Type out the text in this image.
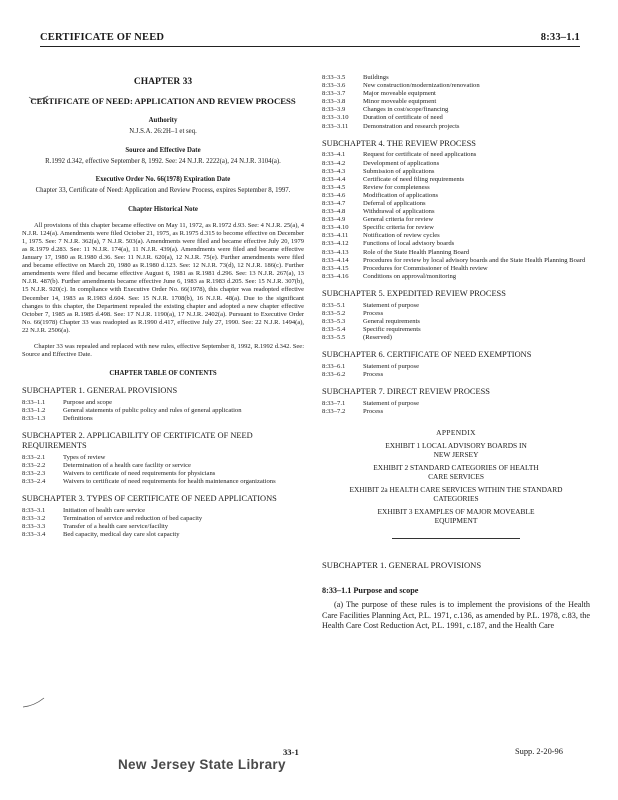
CERTIFICATE OF NEED	8:33–1.1
CHAPTER 33
CERTIFICATE OF NEED: APPLICATION AND REVIEW PROCESS
Authority
N.J.S.A. 26:2H–1 et seq.
Source and Effective Date
R.1992 d.342, effective September 8, 1992. See: 24 N.J.R. 2222(a), 24 N.J.R. 3104(a).
Executive Order No. 66(1978) Expiration Date
Chapter 33, Certificate of Need: Application and Review Process, expires September 8, 1997.
Chapter Historical Note

All provisions of this chapter became effective on May 11, 1972, as R.1972 d.93. See: 4 N.J.R. 25(a), 4 N.J.R. 124(a). Amendments were filed October 21, 1975, as R.1975 d.315 to become effective on December 1, 1975. See: 7 N.J.R. 362(a), 7 N.J.R. 503(a). Amendments were filed and became effective July 20, 1979 as R.1979 d.283. See: 11 N.J.R. 174(a), 11 N.J.R. 439(a). Amendments were filed and became effective January 17, 1980 as R.1980 d.36. See: 11 N.J.R. 620(a), 12 N.J.R. 75(e). Further amendments were filed and became effective on March 20, 1980 as R.1980 d.123. See: 12 N.J.R. 73(d), 12 N.J.R. 186(c). Further amendments were filed and became effective August 6, 1981 as R.1981 d.296. See: 13 N.J.R. 267(a), 13 N.J.R. 487(b). Further amendments became effective June 6, 1983 as R.1983 d.205. See: 15 N.J.R. 307(b), 15 N.J.R. 920(c). In compliance with Executive Order No. 66(1978), this chapter was readopted effective December 14, 1983 as R.1983 d.604. See: 15 N.J.R. 1708(b), 16 N.J.R. 48(a). Due to the significant changes to this chapter, the Department repealed the existing chapter and adopted a new chapter effective October 7, 1985 as R.1985 d.498. See: 17 N.J.R. 1190(a), 17 N.J.R. 2402(a). Pursuant to Executive Order No. 66(1978) Chapter 33 was readopted as R.1990 d.417, effective July 27, 1990. See: 22 N.J.R. 1494(a), 22 N.J.R. 2506(a).

Chapter 33 was repealed and replaced with new rules, effective September 8, 1992, R.1992 d.342. See: Source and Effective Date.

CHAPTER TABLE OF CONTENTS
SUBCHAPTER 1. GENERAL PROVISIONS
8:33–1.1	Purpose and scope
8:33–1.2	General statements of public policy and rules of general application
8:33–1.3	Definitions
SUBCHAPTER 2. APPLICABILITY OF CERTIFICATE OF NEED REQUIREMENTS
8:33–2.1	Types of review
8:33–2.2	Determination of a health care facility or service
8:33–2.3	Waivers to certificate of need requirements for physicians
8:33–2.4	Waivers to certificate of need requirements for health maintenance organizations
SUBCHAPTER 3. TYPES OF CERTIFICATE OF NEED APPLICATIONS
8:33–3.1	Initiation of health care service
8:33–3.2	Termination of service and reduction of bed capacity
8:33–3.3	Transfer of a health care service/facility
8:33–3.4	Bed capacity, medical day care slot capacity
8:33–3.5	Buildings
8:33–3.6	New construction/modernization/renovation
8:33–3.7	Major moveable equipment
8:33–3.8	Minor moveable equipment
8:33–3.9	Changes in cost/scope/financing
8:33–3.10	Duration of certificate of need
8:33–3.11	Demonstration and research projects
SUBCHAPTER 4. THE REVIEW PROCESS
8:33–4.1	Request for certificate of need applications
8:33–4.2	Development of applications
8:33–4.3	Submission of applications
8:33–4.4	Certificate of need filing requirements
8:33–4.5	Review for completeness
8:33–4.6	Modification of applications
8:33–4.7	Deferral of applications
8:33–4.8	Withdrawal of applications
8:33–4.9	General criteria for review
8:33–4.10	Specific criteria for review
8:33–4.11	Notification of review cycles
8:33–4.12	Functions of local advisory boards
8:33–4.13	Role of the State Health Planning Board
8:33–4.14	Procedures for review by local advisory boards and the State Health Planning Board
8:33–4.15	Procedures for Commissioner of Health review
8:33–4.16	Conditions on approval/monitoring
SUBCHAPTER 5. EXPEDITED REVIEW PROCESS
8:33–5.1	Statement of purpose
8:33–5.2	Process
8:33–5.3	General requirements
8:33–5.4	Specific requirements
8:33–5.5	(Reserved)
SUBCHAPTER 6. CERTIFICATE OF NEED EXEMPTIONS
8:33–6.1	Statement of purpose
8:33–6.2	Process
SUBCHAPTER 7. DIRECT REVIEW PROCESS
8:33–7.1	Statement of purpose
8:33–7.2	Process
APPENDIX
EXHIBIT 1 LOCAL ADVISORY BOARDS IN NEW JERSEY
EXHIBIT 2 STANDARD CATEGORIES OF HEALTH CARE SERVICES
EXHIBIT 2a HEALTH CARE SERVICES WITHIN THE STANDARD CATEGORIES
EXHIBIT 3 EXAMPLES OF MAJOR MOVEABLE EQUIPMENT
SUBCHAPTER 1. GENERAL PROVISIONS
8:33–1.1 Purpose and scope
(a) The purpose of these rules is to implement the provisions of the Health Care Facilities Planning Act, P.L. 1971, c.136, as amended by P.L. 1978, c.83, the Health Care Cost Reduction Act, P.L. 1991, c.187, and the Health Care
33-1	Supp. 2-20-96
New Jersey State Library
